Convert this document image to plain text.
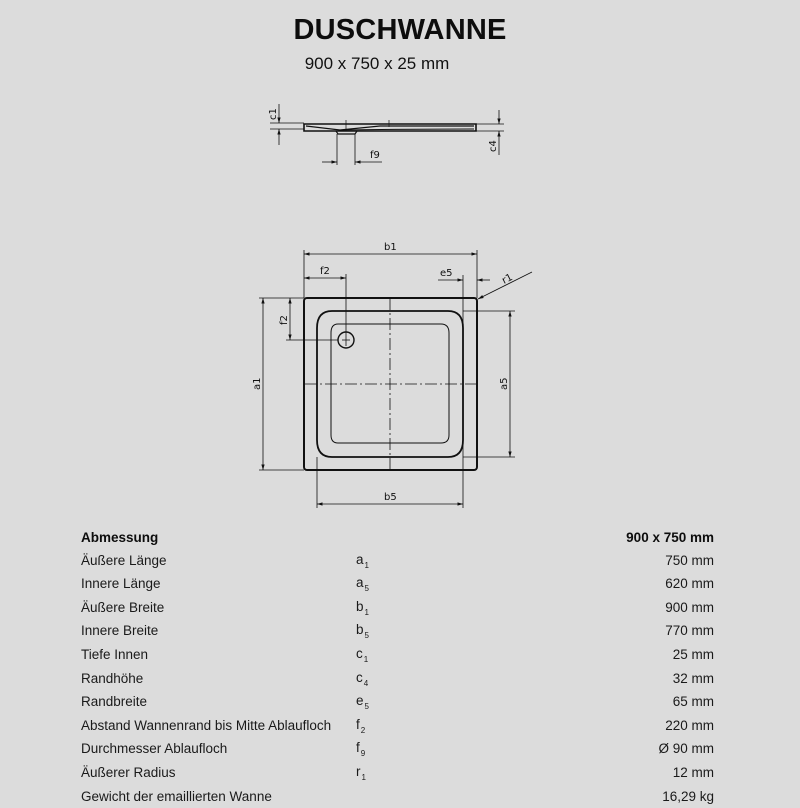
DUSCHWANNE
900 x 750 x 25 mm
c1
f9
c4
b1
f2	e5	r1
a1
f2
a5
b5
Abmessung		900 x 750 mm
Äußere Länge	$a_1$	750 mm
Innere Länge	$a_5$	620 mm
Äußere Breite	$b_1$	900 mm
Innere Breite	$b_5$	770 mm
Tiefe Innen	$c_1$	25 mm
Randhöhe	$c_4$	32 mm
Randbreite	$e_5$	65 mm
Abstand Wannenrand bis Mitte Ablaufloch	$f_2$	220 mm
Durchmesser Ablaufloch	$f_9$	Ø 90 mm
Äußerer Radius	$r_1$	12 mm
Gewicht der emaillierten Wanne		16,29 kg
